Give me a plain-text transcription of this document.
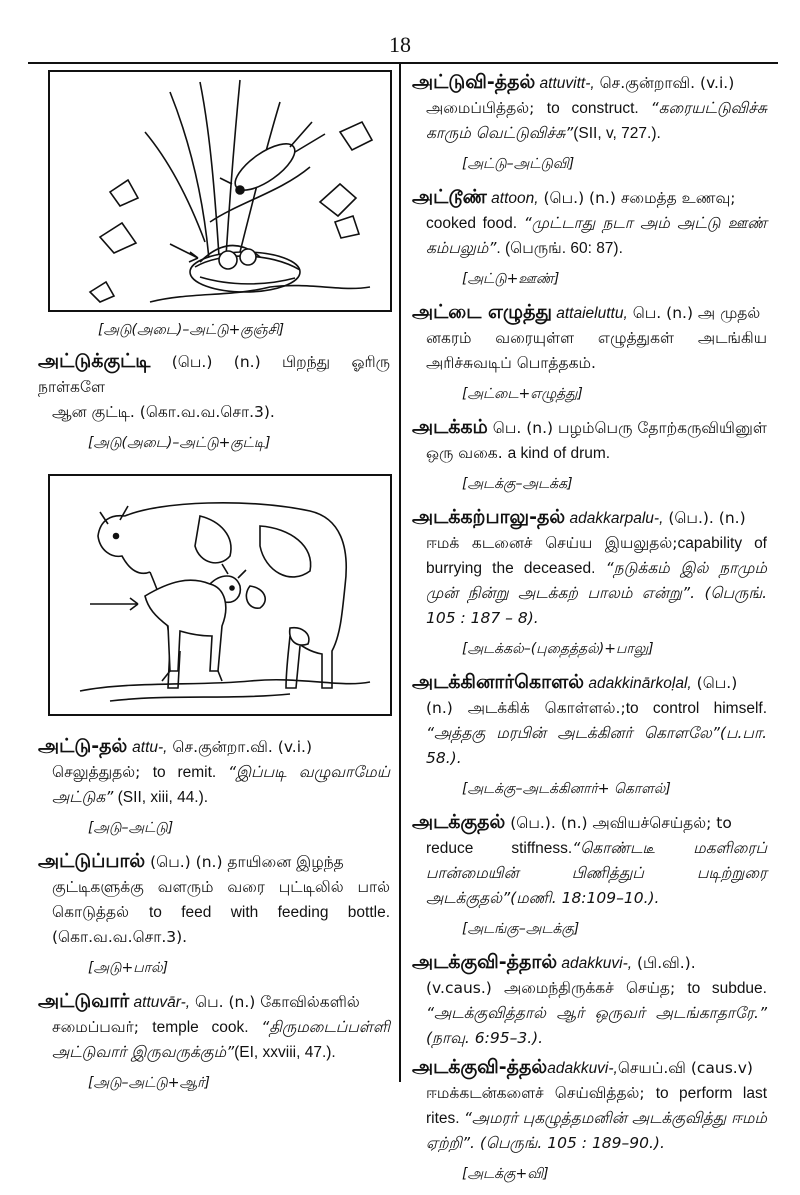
18
[அடு(அடை)–அட்டு+குஞ்சி]
அட்டுக்குட்டி (பெ.) (n.) பிறந்து ஓரிரு நாள்களே
ஆன குட்டி. (கொ.வ.வ.சொ.3).
[அடு(அடை)–அட்டு+குட்டி]
அட்டு-தல் attu-, செ.குன்றா.வி. (v.i.)
செலுத்துதல்; to remit. “இப்படி வழுவாமேய் அட்டுக” (SII, xiii, 44.).
[அடு–அட்டு]
அட்டுப்பால் (பெ.) (n.) தாயினை இழந்த
குட்டிகளுக்கு வளரும் வரை புட்டிலில் பால் கொடுத்தல் to feed with feeding bottle. (கொ.வ.வ.சொ.3).
[அடு+பால்]
அட்டுவார் attuvār-, பெ. (n.) கோவில்களில்
சமைப்பவர்; temple cook. “திருமடைப்பள்ளி அட்டுவார் இருவருக்கும்”(EI, xxviii, 47.).
[அடு–அட்டு+ஆர்]
அட்டுவி-த்தல் attuvitt-, செ.குன்றாவி. (v.i.)
அமைப்பித்தல்; to construct. “கரையட்டுவிச்சு காரும் வெட்டுவிச்சு”(SII, v, 727.).
[அட்டு–அட்டுவி]
அட்டூண் attoon, (பெ.) (n.) சமைத்த உணவு;
cooked food. “முட்டாது நடா அம் அட்டு ஊண் கம்பலும்”. (பெருங். 60: 87).
[அட்டு+ஊண்]
அட்டை எழுத்து attaieluttu, பெ. (n.) அ முதல்
னகரம் வரையுள்ள எழுத்துகள் அடங்கிய அரிச்சுவடிப் பொத்தகம்.
[அட்டை+எழுத்து]
அடக்கம் பெ. (n.) பழம்பெரு தோற்கருவியினுள்
ஒரு வகை. a kind of drum.
[அடக்கு–அடக்க]
அடக்கற்பாலு-தல் adakkarpalu-, (பெ.). (n.)
ஈமக் கடனைச் செய்ய இயலுதல்;capability of burrying the deceased. “நடுக்கம் இல் நாமும் முன் நின்று அடக்கற் பாலம் என்று”. (பெருங். 105 : 187 – 8).
[அடக்கல்–(புதைத்தல்)+பாலு]
அடக்கினார்கொளல் adakkinārkoḷal, (பெ.)
(n.) அடக்கிக் கொள்ளல்.;to control himself. “அத்தகு மரபின் அடக்கினர் கொளலே”(ப.பா. 58.).
[அடக்கு–அடக்கினார்+ கொளல்]
அடக்குதல் (பெ.). (n.) அவியச்செய்தல்; to
reduce stiffness.“கொண்டடீ மகளிரைப் பான்மையின் பிணித்துப் படிற்றுரை அடக்குதல்”(மணி. 18:109–10.).
[அடங்கு–அடக்கு]
அடக்குவி-த்தால் adakkuvi-, (பி.வி.).
(v.caus.) அமைந்திருக்கச் செய்த; to subdue. “அடக்குவித்தால் ஆர் ஒருவர் அடங்காதாரே.” (நாவு. 6:95–3.).
அடக்குவி-த்தல்adakkuvi-,செயப்.வி (caus.v)
ஈமக்கடன்களைச் செய்வித்தல்; to perform last rites. “அமரர் புகழுத்தமனின் அடக்குவித்து ஈமம் ஏற்றி”. (பெருங். 105 : 189–90.).
[அடக்கு+வி]
